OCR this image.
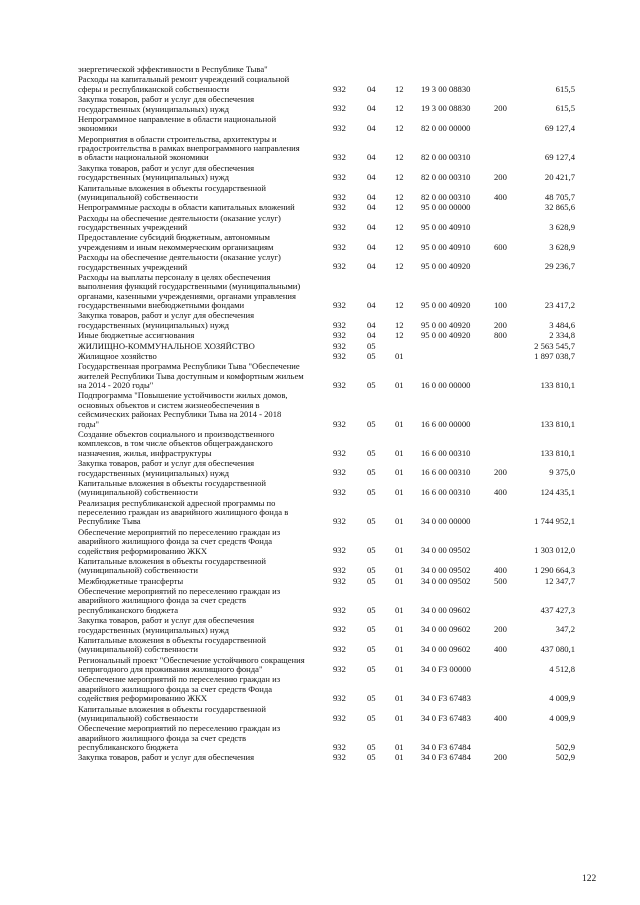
энергетической эффективности в Республике Тыва"
Расходы на капитальный ремонт учреждений социальной
сферы и республиканской собственности	932 04 12 19 3 00 08830	615,5
Закупка товаров, работ и услуг для обеспечения
государственных (муниципальных) нужд	932 04 12 19 3 00 08830	200	615,5
Непрограммное направление в области национальной
экономики	932 04 12 82 0 00 00000	69 127,4
Мероприятия в области строительства, архитектуры и
градостроительства в рамках внепрограммного направления
в области национальной экономики	932 04 12 82 0 00 00310	69 127,4
Закупка товаров, работ и услуг для обеспечения
государственных (муниципальных) нужд	932 04 12 82 0 00 00310	200	20 421,7
Капитальные вложения в объекты государственной
(муниципальной) собственности	932 04 12 82 0 00 00310	400	48 705,7
Непрограммные расходы в области капитальных вложений	932 04 12 95 0 00 00000	32 865,6
Расходы на обеспечение деятельности (оказание услуг)
государственных учреждений	932 04 12 95 0 00 40910	3 628,9
Предоставление субсидий бюджетным, автономным
учреждениям и иным некоммерческим организациям	932 04 12 95 0 00 40910	600	3 628,9
Расходы на обеспечение деятельности (оказание услуг)
государственных учреждений	932 04 12 95 0 00 40920	29 236,7
Расходы на выплаты персоналу в целях обеспечения
выполнения функций государственными (муниципальными)
органами, казенными учреждениями, органами управления
государственными внебюджетными фондами	932 04 12 95 0 00 40920	100	23 417,2
Закупка товаров, работ и услуг для обеспечения
государственных (муниципальных) нужд	932 04 12 95 0 00 40920	200	3 484,6
Иные бюджетные ассигнования	932 04 12 95 0 00 40920	800	2 334,8
ЖИЛИЩНО-КОММУНАЛЬНОЕ ХОЗЯЙСТВО	932 05	2 563 545,7
Жилищное хозяйство	932 05 01	1 897 038,7
Государственная программа Республики Тыва "Обеспечение
жителей Республики Тыва доступным и комфортным жильем
на 2014 - 2020 годы"	932 05 01 16 0 00 00000	133 810,1
Подпрограмма "Повышение устойчивости жилых домов,
основных объектов и систем жизнеобеспечения в
сейсмических районах Республики Тыва на 2014 - 2018
годы"	932 05 01 16 6 00 00000	133 810,1
Создание объектов социального и производственного
комплексов, в том числе объектов общегражданского
назначения, жилья, инфраструктуры	932 05 01 16 6 00 00310	133 810,1
Закупка товаров, работ и услуг для обеспечения
государственных (муниципальных) нужд	932 05 01 16 6 00 00310	200	9 375,0
Капитальные вложения в объекты государственной
(муниципальной) собственности	932 05 01 16 6 00 00310	400	124 435,1
Реализация республиканской адресной программы по
переселению граждан из аварийного жилищного фонда в
Республике Тыва	932 05 01 34 0 00 00000	1 744 952,1
Обеспечение мероприятий по переселению граждан из
аварийного жилищного фонда за счет средств Фонда
содействия реформированию ЖКХ	932 05 01 34 0 00 09502	1 303 012,0
Капитальные вложения в объекты государственной
(муниципальной) собственности	932 05 01 34 0 00 09502	400	1 290 664,3
Межбюджетные трансферты	932 05 01 34 0 00 09502	500	12 347,7
Обеспечение мероприятий по переселению граждан из
аварийного жилищного фонда за счет средств
республиканского бюджета	932 05 01 34 0 00 09602	437 427,3
Закупка товаров, работ и услуг для обеспечения
государственных (муниципальных) нужд	932 05 01 34 0 00 09602	200	347,2
Капитальные вложения в объекты государственной
(муниципальной) собственности	932 05 01 34 0 00 09602	400	437 080,1
Региональный проект "Обеспечение устойчивого сокращения
непригодного для проживания жилищного фонда"	932 05 01 34 0 F3 00000	4 512,8
Обеспечение мероприятий по переселению граждан из
аварийного жилищного фонда за счет средств Фонда
содействия реформированию ЖКХ	932 05 01 34 0 F3 67483	4 009,9
Капитальные вложения в объекты государственной
(муниципальной) собственности	932 05 01 34 0 F3 67483	400	4 009,9
Обеспечение мероприятий по переселению граждан из
аварийного жилищного фонда за счет средств
республиканского бюджета	932 05 01 34 0 F3 67484	502,9
Закупка товаров, работ и услуг для обеспечения	932 05 01 34 0 F3 67484	200	502,9
122
